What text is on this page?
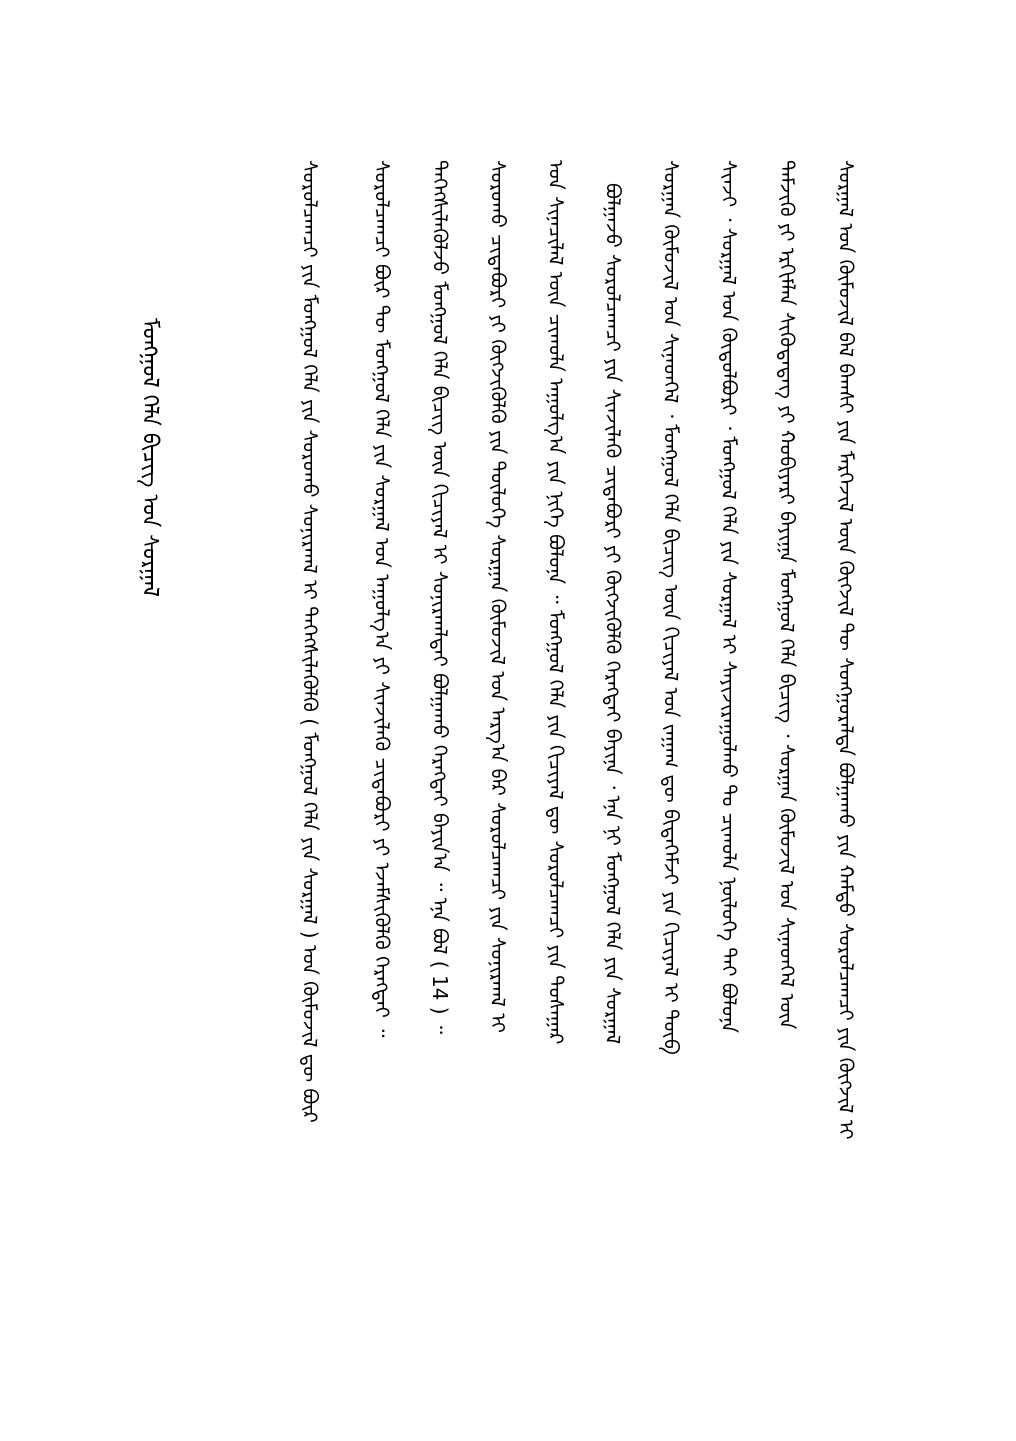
ᠰᠤᠷᠭᠠᠯ ᠤᠨ ᠬᠦᠮᠦᠵᠢᠯ ᠪᠡᠯ ᠪᠠᠭᠰᠢ ᠶᠢᠨ ᠮᠡᠷᠭᠡᠵᠢᠯ ᠦᠨ ᠬᠥᠭᠵᠢᠯ ᠲᠦ ᠰᠣᠩᠭᠣᠷᠠᠯᠲᠠ ᠪᠣᠯᠭᠠᠬᠤ ᠶᠢᠨ ᠬᠠᠮᠲᠤ ᠰᠤᠷᠤᠯᠴᠠᠭᠴᠢ ᠶᠢᠨ ᠬᠥᠭᠵᠢᠯ ᠢ
ᠳᠡᠮᠵᠢᠬᠦ ᠶᠢ ᠡᠷᠬᠢᠮᠯᠡᠨ ᠰᠢᠭᠦᠳᠡᠳᠡᠭ ᠶᠢ ᠬᠤᠪᠢᠶᠠᠷᠢ ᠪᠠᠶᠢᠭᠠ ᠮᠣᠩᠭᠣᠯ ᠬᠡᠯᠡ ᠪᠢᠴᠢᠭ ᠂ ᠰᠤᠷᠭᠠᠨ ᠬᠦᠮᠦᠵᠢᠯ ᠤᠨ ᠰᠢᠨᠡᠳᠭᠡᠯ ᠦᠨ
ᠰᠢᠨᠵᠢ ᠂ ᠰᠤᠷᠭᠠᠯ ᠤᠨ ᠬᠥᠲᠥᠯᠪᠦᠷᠢ ᠂ ᠮᠣᠩᠭᠣᠯ ᠬᠡᠯᠡ ᠶᠢᠨ ᠰᠤᠷᠭᠠᠯ ᠢ ᠰᠠᠶᠢᠵᠢᠷᠠᠭᠤᠯᠬᠤ ᠲᠤ ᠴᠢᠬᠤᠯᠠ ᠨᠥᠯᠦᠭᠡ ᠲᠡᠢ ᠪᠣᠯᠤᠨᠠ
ᠰᠤᠷᠭᠠᠨ ᠬᠦᠮᠦᠵᠢᠯ ᠤᠨ ᠰᠢᠨᠡᠳᠭᠡᠯ ᠂ ᠮᠣᠩᠭᠣᠯ ᠬᠡᠯᠡ ᠪᠢᠴᠢᠭ ᠦᠨ ᠬᠢᠴᠢᠶᠡᠯ ᠤᠨ ᠵᠠᠭᠠᠭ ᠳᠦ ᠪᠢᠲᠡᠭᠡᠮᠵᠢ ᠶᠢᠨ ᠬᠢᠴᠢᠶᠡᠯ ᠢ ᠲᠥᠪ
ᠪᠣᠯᠭᠠᠵᠤ ᠰᠤᠷᠤᠯᠴᠠᠭᠴᠢ ᠶᠢᠨ ᠰᠢᠨᠵᠢᠯᠡᠬᠦ ᠴᠢᠳᠠᠪᠤᠷᠢ ᠶᠢ ᠬᠥᠭᠵᠢᠭᠦᠯᠬᠦ ᠬᠡᠷᠡᠭᠲᠡᠢ ᠪᠠᠶᠢᠨᠠ ᠂ ᠡᠨᠡ ᠨᠢ ᠮᠣᠩᠭᠣᠯ ᠬᠡᠯᠡ ᠶᠢᠨ ᠰᠤᠷᠭᠠᠯ
ᠤᠨ ᠰᠢᠨᠡᠴᠢᠯᠡᠯ ᠦᠨ ᠴᠢᠬᠤᠯᠠ ᠠᠭᠤᠯᠭ᠎ᠠ ᠶᠢᠨ ᠨᠢᠭᠡ ᠪᠣᠯᠤᠨᠠ ᠃ ᠮᠣᠩᠭᠣᠯ ᠬᠡᠯᠡ ᠶᠢᠨ ᠬᠢᠴᠢᠶᠡᠯ ᠳᠦ ᠰᠤᠷᠤᠯᠴᠠᠭᠴᠢ ᠶᠢᠨ ᠲᠤᠰᠠᠭᠠᠷ
ᠰᠤᠷᠤᠬᠤ ᠴᠢᠳᠠᠪᠤᠷᠢ ᠶᠢ ᠬᠥᠭᠵᠢᠭᠦᠯᠬᠦ ᠶᠢᠨ ᠲᠥᠯᠦᠭᠡ ᠰᠤᠷᠭᠠᠨ ᠬᠦᠮᠦᠵᠢᠯ ᠤᠨ ᠠᠷᠭ᠎ᠠ ᠪᠠᠷ ᠰᠤᠷᠤᠯᠴᠠᠭᠴᠢ ᠶᠢᠨ ᠰᠣᠨᠢᠷᠬᠠᠯ ᠢ
ᠳᠡᠭᠡᠭᠰᠢᠯᠡᠭᠦᠯᠵᠦ ᠮᠣᠩᠭᠣᠯ ᠬᠡᠯᠡ ᠪᠢᠴᠢᠭ ᠦᠨ ᠬᠢᠴᠢᠶᠡᠯ ᠢ ᠰᠣᠨᠢᠷᠬᠠᠯᠲᠠᠢ ᠪᠣᠯᠭᠠᠬᠤ ᠬᠡᠷᠡᠭᠲᠡᠢ ᠪᠠᠶᠢᠨ᠎ᠠ ᠃ ᠡᠨᠡ ᠪᠣᠯ ( 14 ) ᠃
ᠰᠤᠷᠤᠯᠴᠠᠭᠴᠢ ᠪᠦᠷ ᠲᠦ ᠮᠣᠩᠭᠣᠯ ᠬᠡᠯᠡ ᠶᠢᠨ ᠰᠤᠷᠭᠠᠯ ᠤᠨ ᠠᠭᠤᠯᠭ᠎ᠠ ᠶᠢ ᠰᠢᠨᠵᠢᠯᠡᠬᠦ ᠴᠢᠳᠠᠪᠤᠷᠢ ᠶᠢ ᠡᠵᠡᠮᠰᠢᠭᠦᠯᠬᠦ ᠬᠡᠷᠡᠭᠲᠡᠢ ᠃
ᠰᠤᠷᠤᠯᠴᠠᠭᠴᠢ ᠶᠢᠨ ᠮᠣᠩᠭᠣᠯ ᠬᠡᠯᠡ ᠶᠢᠨ ᠰᠤᠷᠤᠬᠤ ᠰᠣᠨᠢᠷᠬᠠᠯ ᠢ ᠳᠡᠭᠡᠭᠰᠢᠯᠡᠭᠦᠯᠬᠦ ( ᠮᠣᠩᠭᠣᠯ ᠬᠡᠯᠡ ᠶᠢᠨ ᠰᠤᠷᠭᠠᠯ ) ᠤᠨ ᠬᠦᠮᠦᠵᠢᠯ ᠳᠦ ᠪᠦᠷ
ᠮᠣᠩᠭᠣᠯ ᠬᠡᠯᠡ ᠪᠢᠴᠢᠭ ᠤᠨ ᠰᠤᠷᠭᠠᠯ
